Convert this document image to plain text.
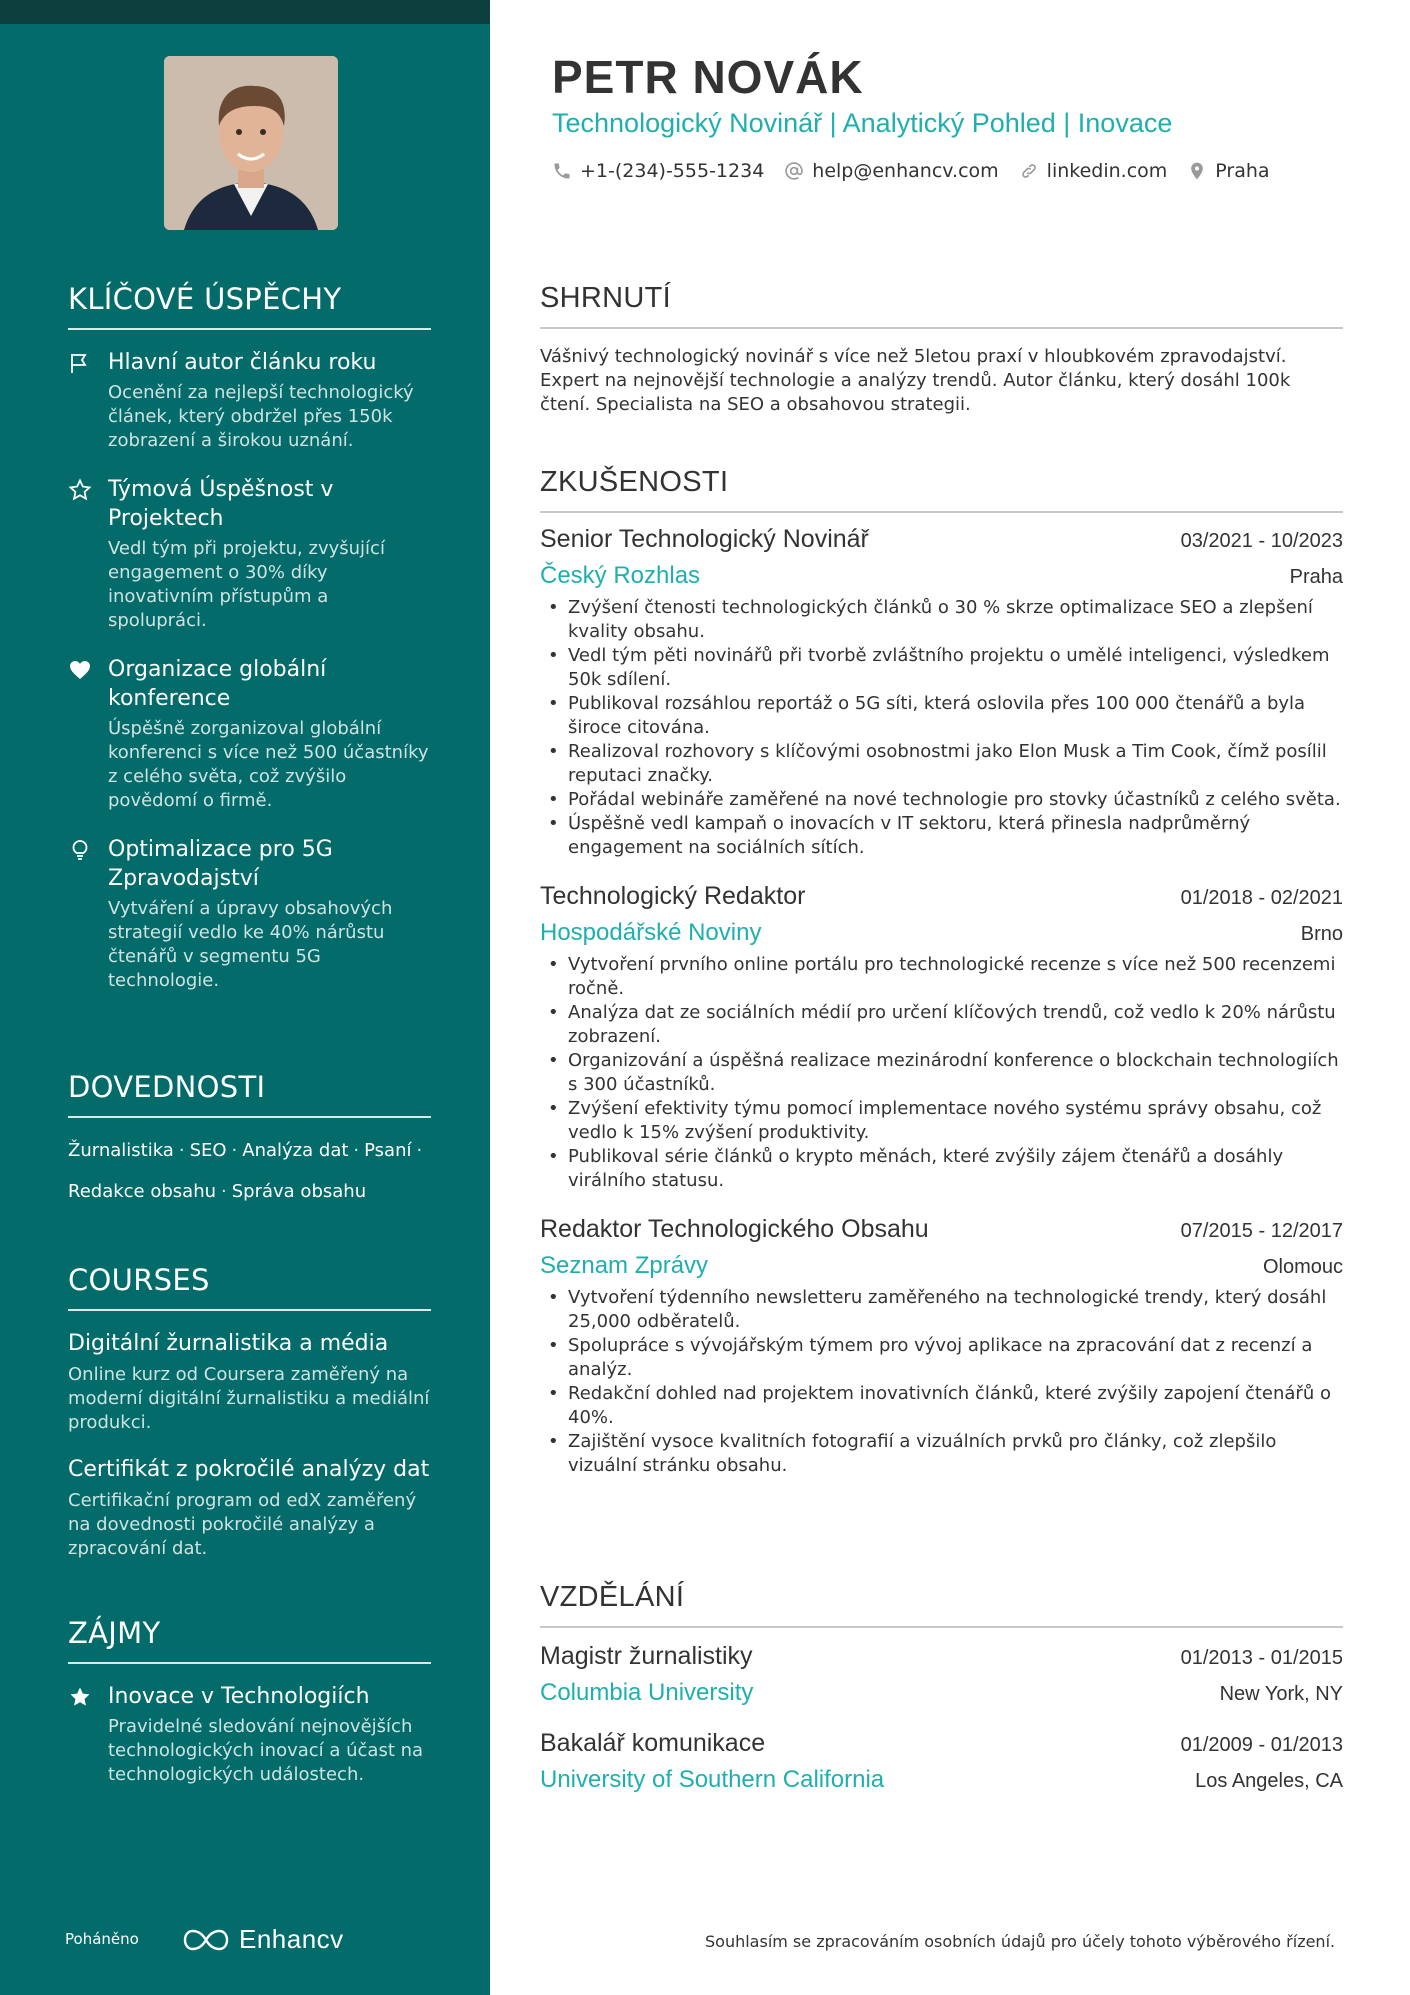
KLÍČOVÉ ÚSPĚCHY
Hlavní autor článku roku
Ocenění za nejlepší technologický článek, který obdržel přes 150k zobrazení a širokou uznání.
Týmová Úspěšnost v Projektech
Vedl tým při projektu, zvyšující engagement o 30% díky inovativním přístupům a spolupráci.
Organizace globální konference
Úspěšně zorganizoval globální konferenci s více než 500 účastníky z celého světa, což zvýšilo povědomí o firmě.
Optimalizace pro 5G Zpravodajství
Vytváření a úpravy obsahových strategií vedlo ke 40% nárůstu čtenářů v segmentu 5G technologie.
DOVEDNOSTI
Žurnalistika · SEO · Analýza dat · Psaní ·
Redakce obsahu · Správa obsahu
COURSES
Digitální žurnalistika a média
Online kurz od Coursera zaměřený na moderní digitální žurnalistiku a mediální produkci.
Certifikát z pokročilé analýzy dat
Certifikační program od edX zaměřený na dovednosti pokročilé analýzy a zpracování dat.
ZÁJMY
Inovace v Technologiích
Pravidelné sledování nejnovějších technologických inovací a účast na technologických událostech.
Poháněno	Enhancv
PETR NOVÁK
Technologický Novinář | Analytický Pohled | Inovace
+1-(234)-555-1234	help@enhancv.com	linkedin.com	Praha
SHRNUTÍ
Vášnivý technologický novinář s více než 5letou praxí v hloubkovém zpravodajství. Expert na nejnovější technologie a analýzy trendů. Autor článku, který dosáhl 100k čtení. Specialista na SEO a obsahovou strategii.
ZKUŠENOSTI
Senior Technologický Novinář	03/2021 - 10/2023
Český Rozhlas	Praha
• Zvýšení čtenosti technologických článků o 30 % skrze optimalizace SEO a zlepšení kvality obsahu.
• Vedl tým pěti novinářů při tvorbě zvláštního projektu o umělé inteligenci, výsledkem 50k sdílení.
• Publikoval rozsáhlou reportáž o 5G síti, která oslovila přes 100 000 čtenářů a byla široce citována.
• Realizoval rozhovory s klíčovými osobnostmi jako Elon Musk a Tim Cook, čímž posílil reputaci značky.
• Pořádal webináře zaměřené na nové technologie pro stovky účastníků z celého světa.
• Úspěšně vedl kampaň o inovacích v IT sektoru, která přinesla nadprůměrný engagement na sociálních sítích.
Technologický Redaktor	01/2018 - 02/2021
Hospodářské Noviny	Brno
• Vytvoření prvního online portálu pro technologické recenze s více než 500 recenzemi ročně.
• Analýza dat ze sociálních médií pro určení klíčových trendů, což vedlo k 20% nárůstu zobrazení.
• Organizování a úspěšná realizace mezinárodní konference o blockchain technologiích s 300 účastníků.
• Zvýšení efektivity týmu pomocí implementace nového systému správy obsahu, což vedlo k 15% zvýšení produktivity.
• Publikoval série článků o krypto měnách, které zvýšily zájem čtenářů a dosáhly virálního statusu.
Redaktor Technologického Obsahu	07/2015 - 12/2017
Seznam Zprávy	Olomouc
• Vytvoření týdenního newsletteru zaměřeného na technologické trendy, který dosáhl 25,000 odběratelů.
• Spolupráce s vývojářským týmem pro vývoj aplikace na zpracování dat z recenzí a analýz.
• Redakční dohled nad projektem inovativních článků, které zvýšily zapojení čtenářů o 40%.
• Zajištění vysoce kvalitních fotografií a vizuálních prvků pro články, což zlepšilo vizuální stránku obsahu.
VZDĚLÁNÍ
Magistr žurnalistiky	01/2013 - 01/2015
Columbia University	New York, NY
Bakalář komunikace	01/2009 - 01/2013
University of Southern California	Los Angeles, CA
Souhlasím se zpracováním osobních údajů pro účely tohoto výběrového řízení.
